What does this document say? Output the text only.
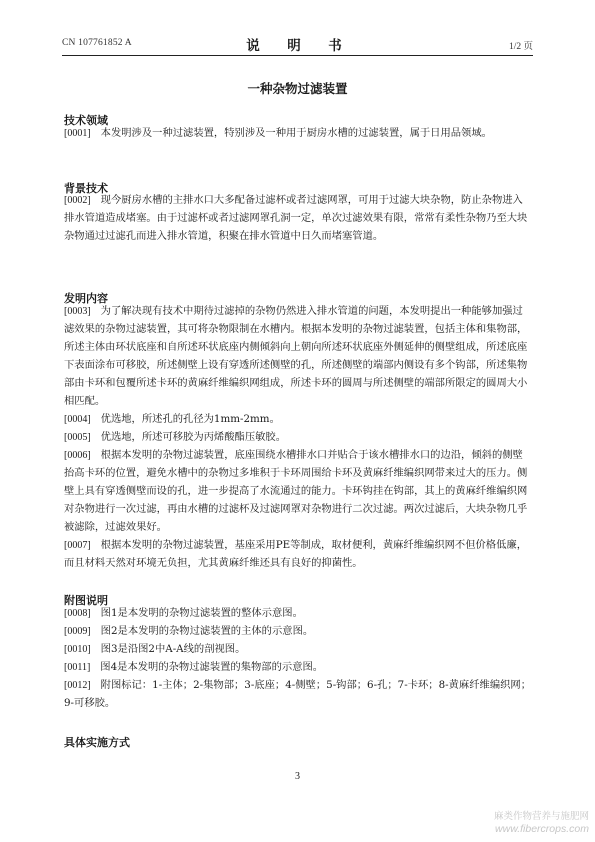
CN 107761852 A	说　明　书	1/2 页
一种杂物过滤装置
技术领域
[0001] 本发明涉及一种过滤装置，特别涉及一种用于厨房水槽的过滤装置，属于日用品领域。
背景技术
[0002] 现今厨房水槽的主排水口大多配备过滤杯或者过滤网罩，可用于过滤大块杂物，防止杂物进入排水管道造成堵塞。由于过滤杯或者过滤网罩孔洞一定，单次过滤效果有限，常常有柔性杂物乃至大块杂物通过过滤孔而进入排水管道，积聚在排水管道中日久而堵塞管道。
发明内容
[0003] 为了解决现有技术中期待过滤掉的杂物仍然进入排水管道的问题，本发明提出一种能够加强过滤效果的杂物过滤装置，其可将杂物限制在水槽内。根据本发明的杂物过滤装置，包括主体和集物部，所述主体由环状底座和自所述环状底座内侧倾斜向上朝向所述环状底座外侧延伸的侧壁组成，所述底座下表面涂布可移胶，所述侧壁上设有穿透所述侧壁的孔，所述侧壁的端部内侧设有多个钩部，所述集物部由卡环和包覆所述卡环的黄麻纤维编织网组成，所述卡环的圆周与所述侧壁的端部所限定的圆周大小相匹配。
[0004] 优选地，所述孔的孔径为1mm-2mm。
[0005] 优选地，所述可移胶为丙烯酸酯压敏胶。
[0006] 根据本发明的杂物过滤装置，底座围绕水槽排水口并贴合于该水槽排水口的边沿，倾斜的侧壁抬高卡环的位置，避免水槽中的杂物过多堆积于卡环周围给卡环及黄麻纤维编织网带来过大的压力。侧壁上具有穿透侧壁而设的孔，进一步提高了水流通过的能力。卡环钩挂在钩部，其上的黄麻纤维编织网对杂物进行一次过滤，再由水槽的过滤杯及过滤网罩对杂物进行二次过滤。两次过滤后，大块杂物几乎被滤除，过滤效果好。
[0007] 根据本发明的杂物过滤装置，基座采用PE等制成，取材便利，黄麻纤维编织网不但价格低廉，而且材料天然对环境无负担，尤其黄麻纤维还具有良好的抑菌性。
附图说明
[0008] 图1是本发明的杂物过滤装置的整体示意图。
[0009] 图2是本发明的杂物过滤装置的主体的示意图。
[0010] 图3是沿图2中A-A线的剖视图。
[0011] 图4是本发明的杂物过滤装置的集物部的示意图。
[0012] 附图标记：1-主体；2-集物部；3-底座；4-侧壁；5-钩部；6-孔；7-卡环；8-黄麻纤维编织网；9-可移胶。
具体实施方式
3
麻类作物营养与施肥网
www.fibercrops.com
